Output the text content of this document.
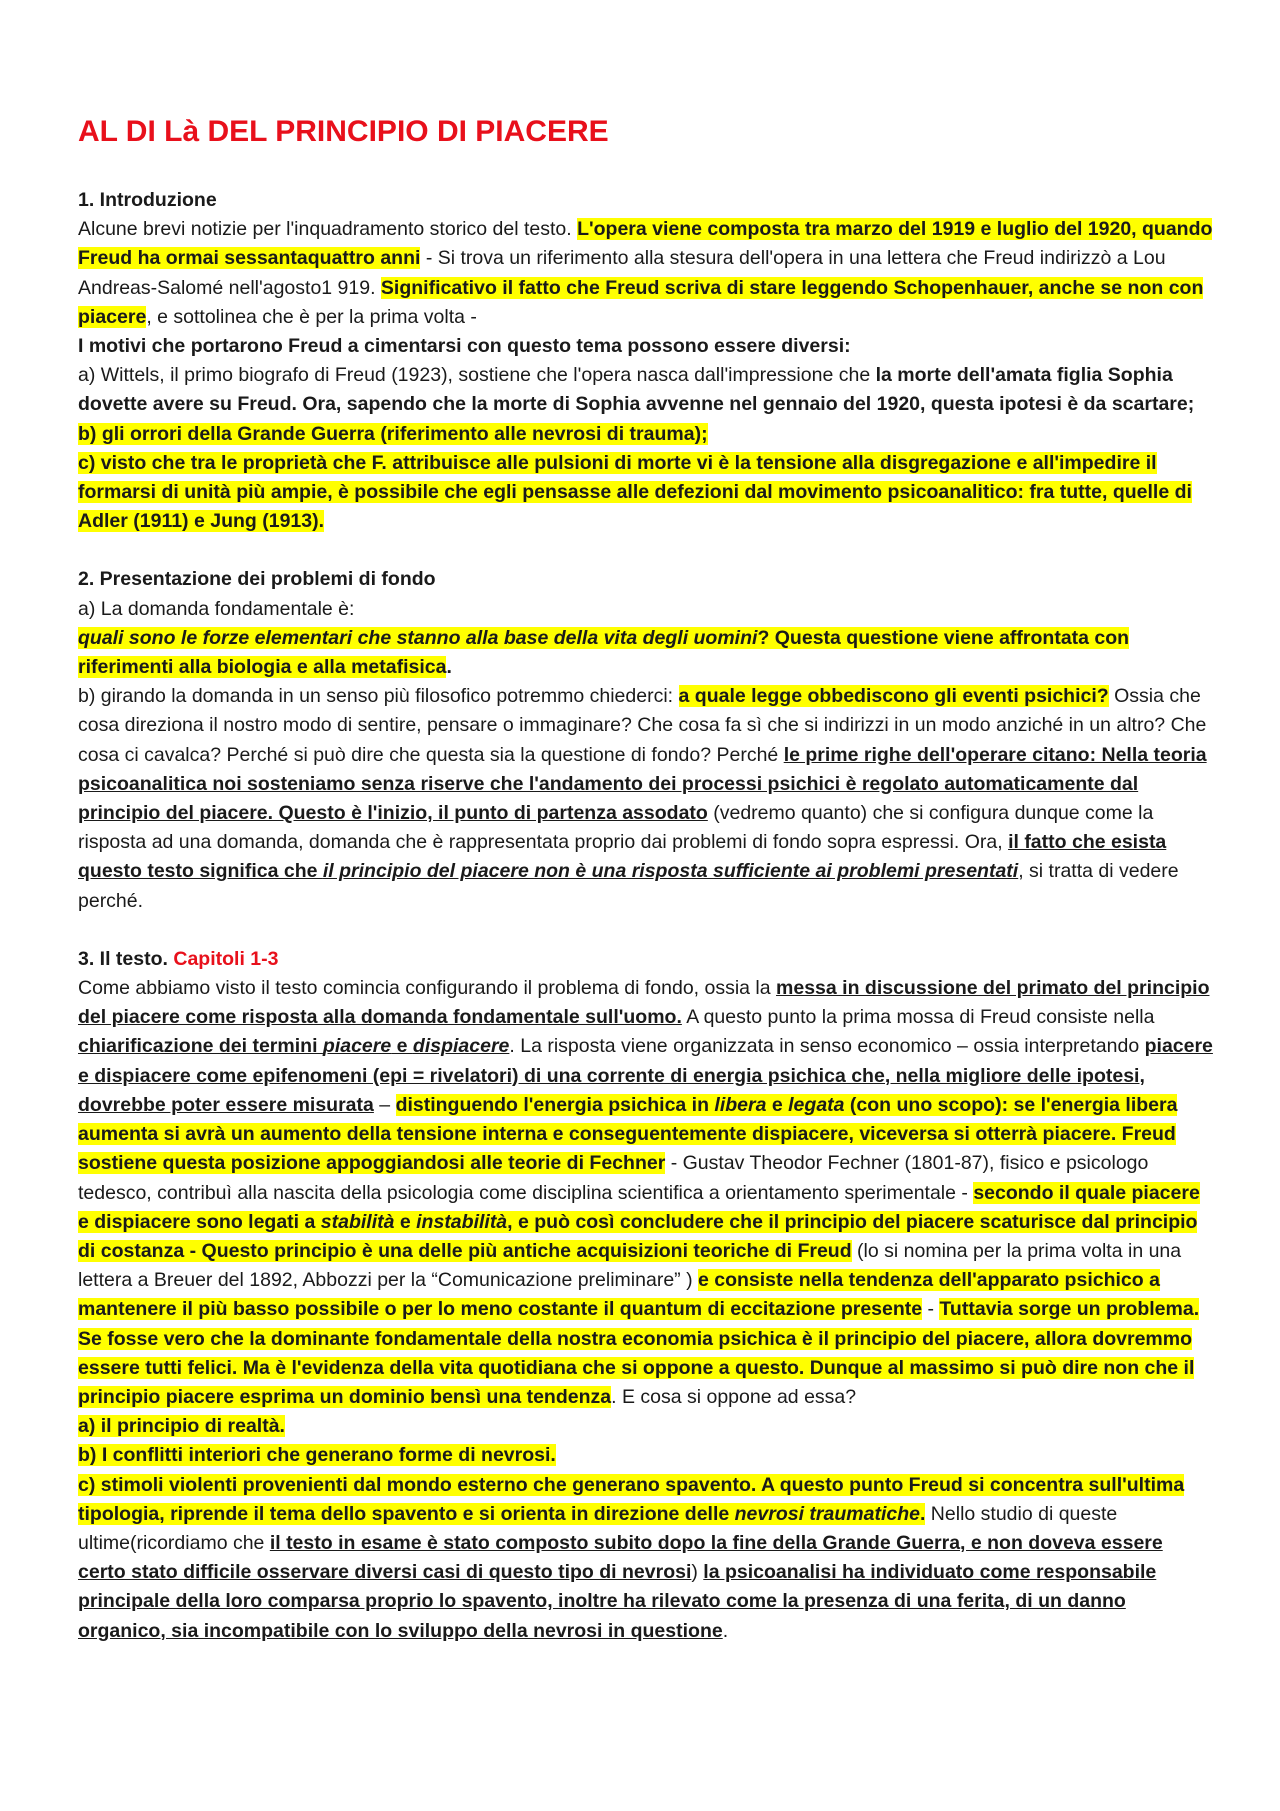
AL DI Là DEL PRINCIPIO DI PIACERE

1. Introduzione

Alcune brevi notizie per l'inquadramento storico del testo. L'opera viene composta tra marzo del 1919 e luglio del 1920, quando Freud ha ormai sessantaquattro anni - Si trova un riferimento alla stesura dell'opera in una lettera che Freud indirizzò a Lou Andreas-Salomé nell'agosto1 919. Significativo il fatto che Freud scriva di stare leggendo Schopenhauer, anche se non con piacere, e sottolinea che è per la prima volta -

I motivi che portarono Freud a cimentarsi con questo tema possono essere diversi:

a) Wittels, il primo biografo di Freud (1923), sostiene che l'opera nasca dall'impressione che la morte dell'amata figlia Sophia dovette avere su Freud. Ora, sapendo che la morte di Sophia avvenne nel gennaio del 1920, questa ipotesi è da scartare;

b) gli orrori della Grande Guerra (riferimento alle nevrosi di trauma);

c) visto che tra le proprietà che F. attribuisce alle pulsioni di morte vi è la tensione alla disgregazione e all'impedire il formarsi di unità più ampie, è possibile che egli pensasse alle defezioni dal movimento psicoanalitico: fra tutte, quelle di Adler (1911) e Jung (1913).

2. Presentazione dei problemi di fondo

a) La domanda fondamentale è:

quali sono le forze elementari che stanno alla base della vita degli uomini? Questa questione viene affrontata con riferimenti alla biologia e alla metafisica.

b) girando la domanda in un senso più filosofico potremmo chiederci: a quale legge obbediscono gli eventi psichici? Ossia che cosa direziona il nostro modo di sentire, pensare o immaginare? Che cosa fa sì che si indirizzi in un modo anziché in un altro? Che cosa ci cavalca? Perché si può dire che questa sia la questione di fondo? Perché le prime righe dell'operare citano: Nella teoria psicoanalitica noi sosteniamo senza riserve che l'andamento dei processi psichici è regolato automaticamente dal principio del piacere. Questo è l'inizio, il punto di partenza assodato (vedremo quanto) che si configura dunque come la risposta ad una domanda, domanda che è rappresentata proprio dai problemi di fondo sopra espressi. Ora, il fatto che esista questo testo significa che il principio del piacere non è una risposta sufficiente ai problemi presentati, si tratta di vedere perché.

3. Il testo. Capitoli 1-3

Come abbiamo visto il testo comincia configurando il problema di fondo, ossia la messa in discussione del primato del principio del piacere come risposta alla domanda fondamentale sull'uomo. A questo punto la prima mossa di Freud consiste nella chiarificazione dei termini piacere e dispiacere. La risposta viene organizzata in senso economico – ossia interpretando piacere e dispiacere come epifenomeni (epi = rivelatori) di una corrente di energia psichica che, nella migliore delle ipotesi, dovrebbe poter essere misurata – distinguendo l'energia psichica in libera e legata (con uno scopo): se l'energia libera aumenta si avrà un aumento della tensione interna e conseguentemente dispiacere, viceversa si otterrà piacere. Freud sostiene questa posizione appoggiandosi alle teorie di Fechner - Gustav Theodor Fechner (1801-87), fisico e psicologo tedesco, contribuì alla nascita della psicologia come disciplina scientifica a orientamento sperimentale - secondo il quale piacere e dispiacere sono legati a stabilità e instabilità, e può così concludere che il principio del piacere scaturisce dal principio di costanza - Questo principio è una delle più antiche acquisizioni teoriche di Freud (lo si nomina per la prima volta in una lettera a Breuer del 1892, Abbozzi per la “Comunicazione preliminare” ) e consiste nella tendenza dell'apparato psichico a mantenere il più basso possibile o per lo meno costante il quantum di eccitazione presente - Tuttavia sorge un problema. Se fosse vero che la dominante fondamentale della nostra economia psichica è il principio del piacere, allora dovremmo essere tutti felici. Ma è l'evidenza della vita quotidiana che si oppone a questo. Dunque al massimo si può dire non che il principio piacere esprima un dominio bensì una tendenza. E cosa si oppone ad essa?

a) il principio di realtà.

b) I conflitti interiori che generano forme di nevrosi.

c) stimoli violenti provenienti dal mondo esterno che generano spavento. A questo punto Freud si concentra sull'ultima tipologia, riprende il tema dello spavento e si orienta in direzione delle nevrosi traumatiche. Nello studio di queste ultime(ricordiamo che il testo in esame è stato composto subito dopo la fine della Grande Guerra, e non doveva essere certo stato difficile osservare diversi casi di questo tipo di nevrosi) la psicoanalisi ha individuato come responsabile principale della loro comparsa proprio lo spavento, inoltre ha rilevato come la presenza di una ferita, di un danno organico, sia incompatibile con lo sviluppo della nevrosi in questione.
